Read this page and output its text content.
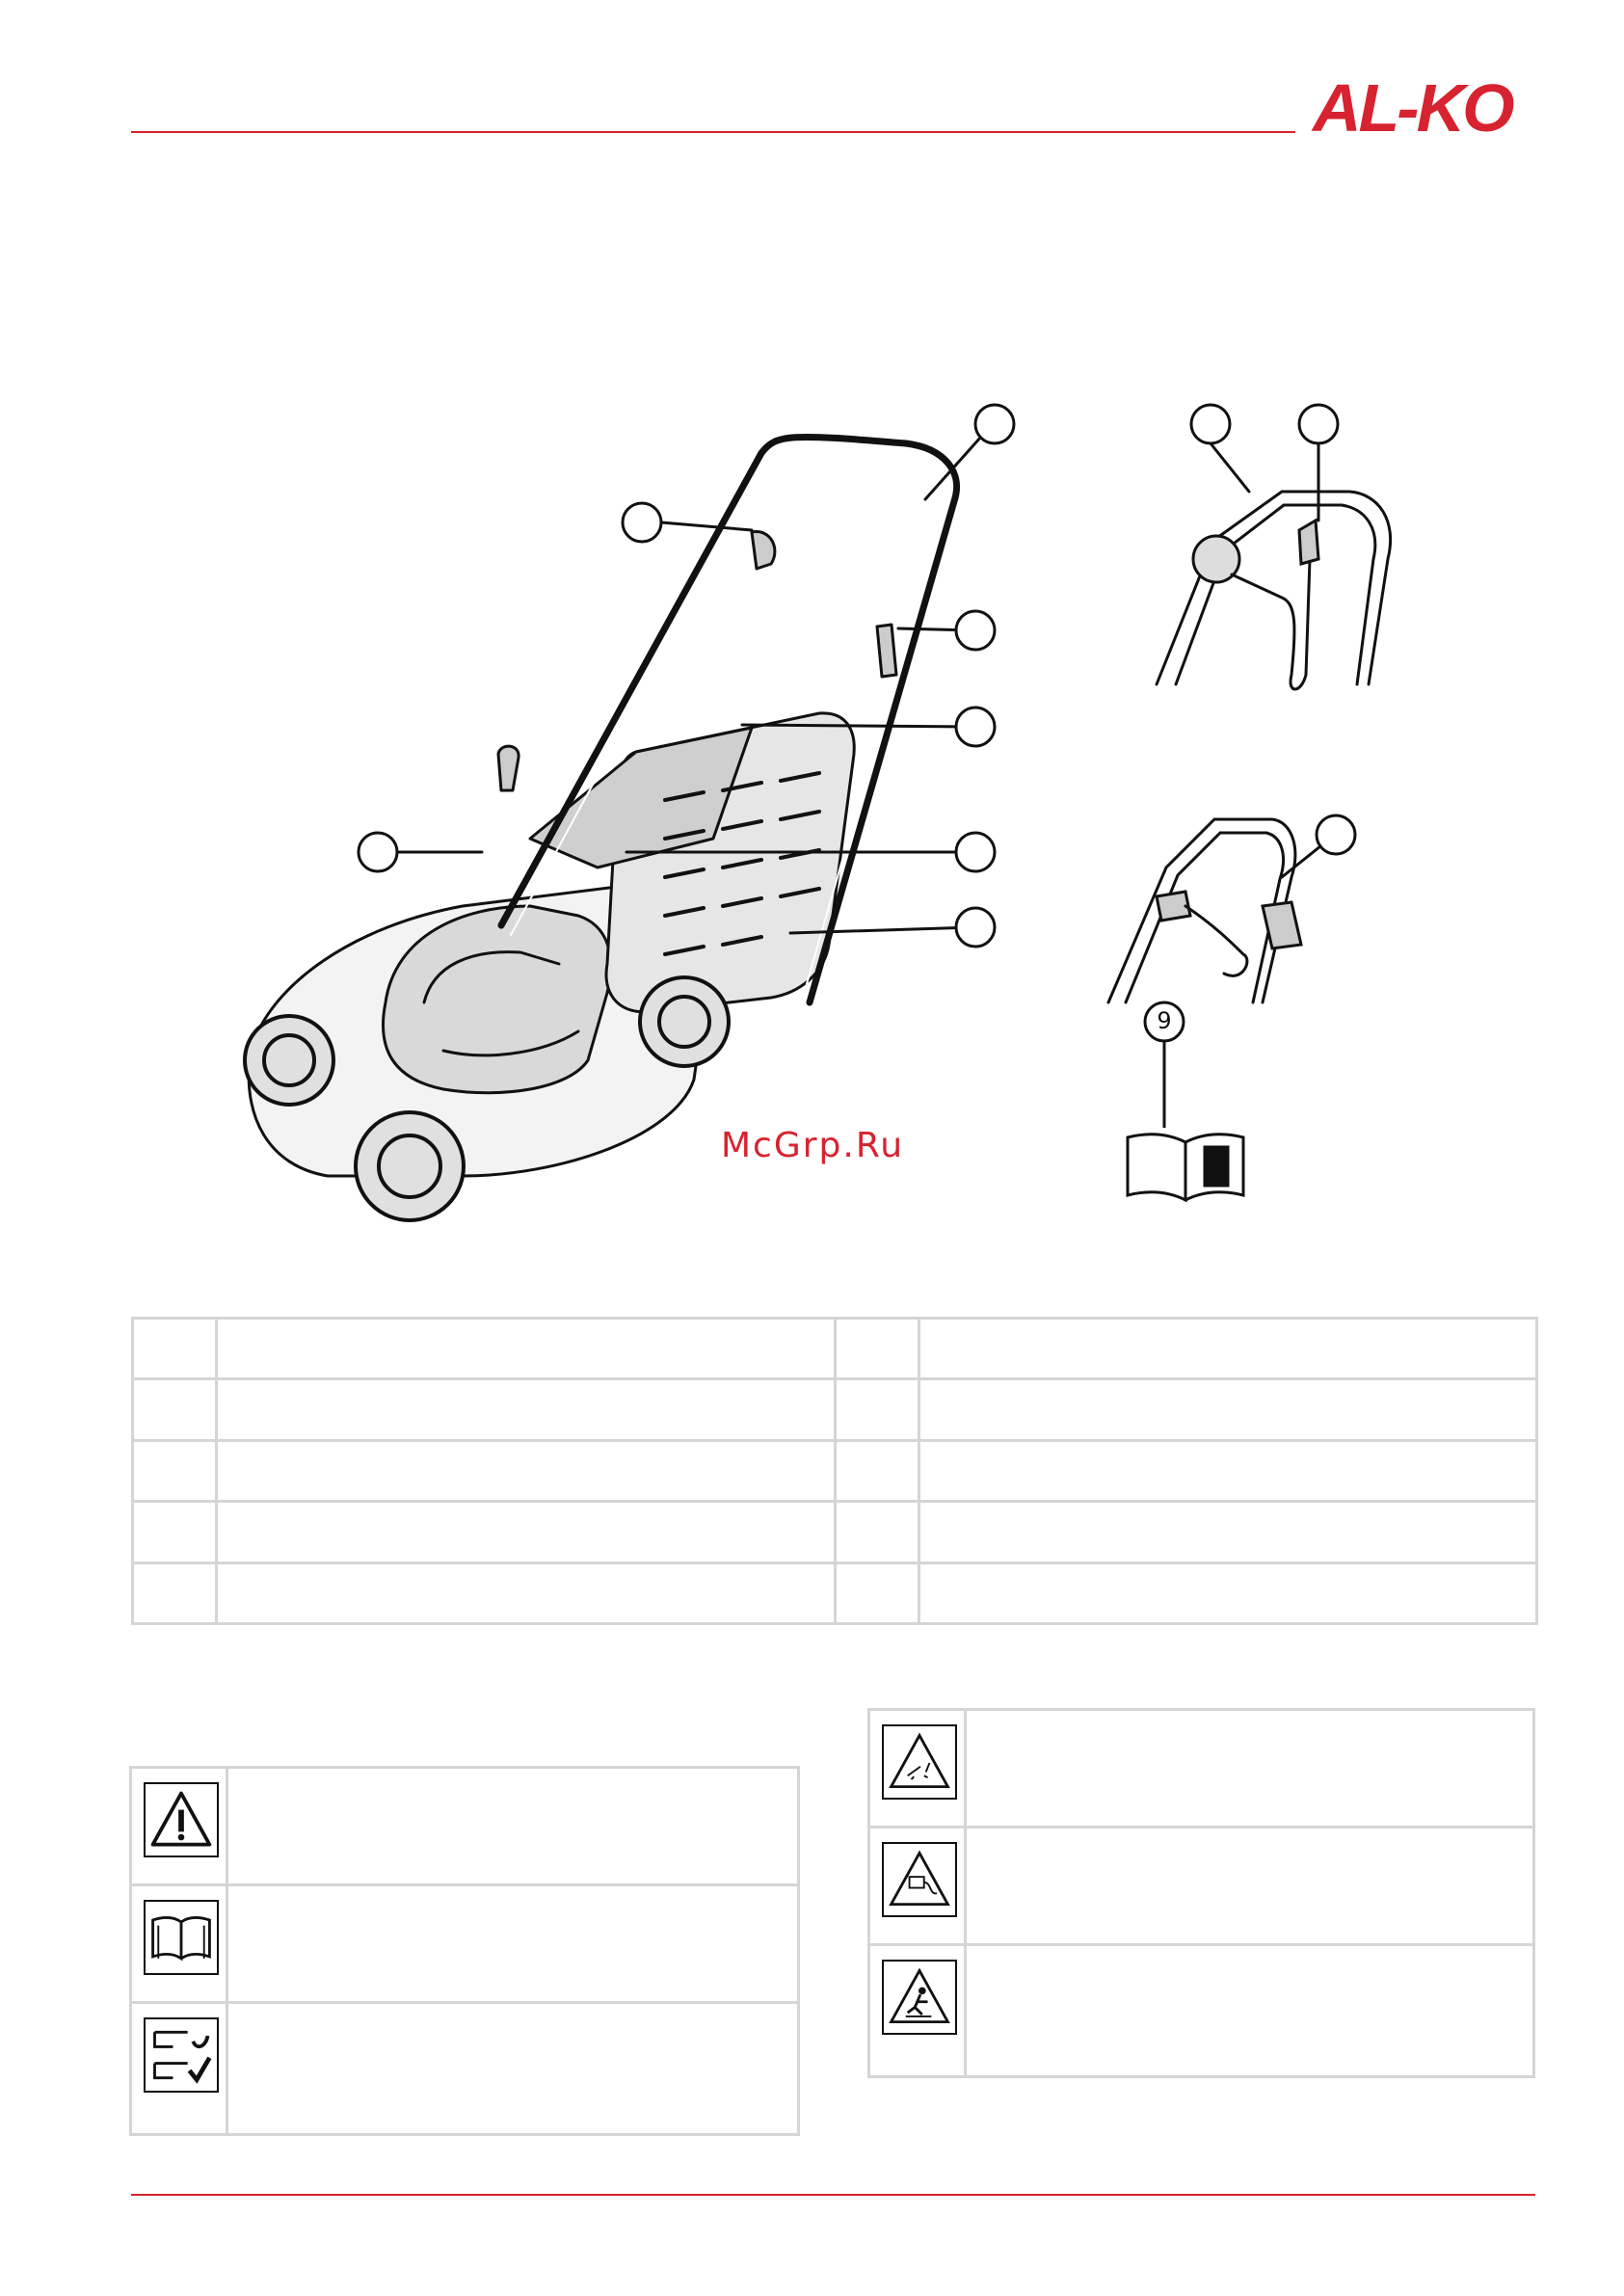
AL-KO
9
McGrp.Ru
